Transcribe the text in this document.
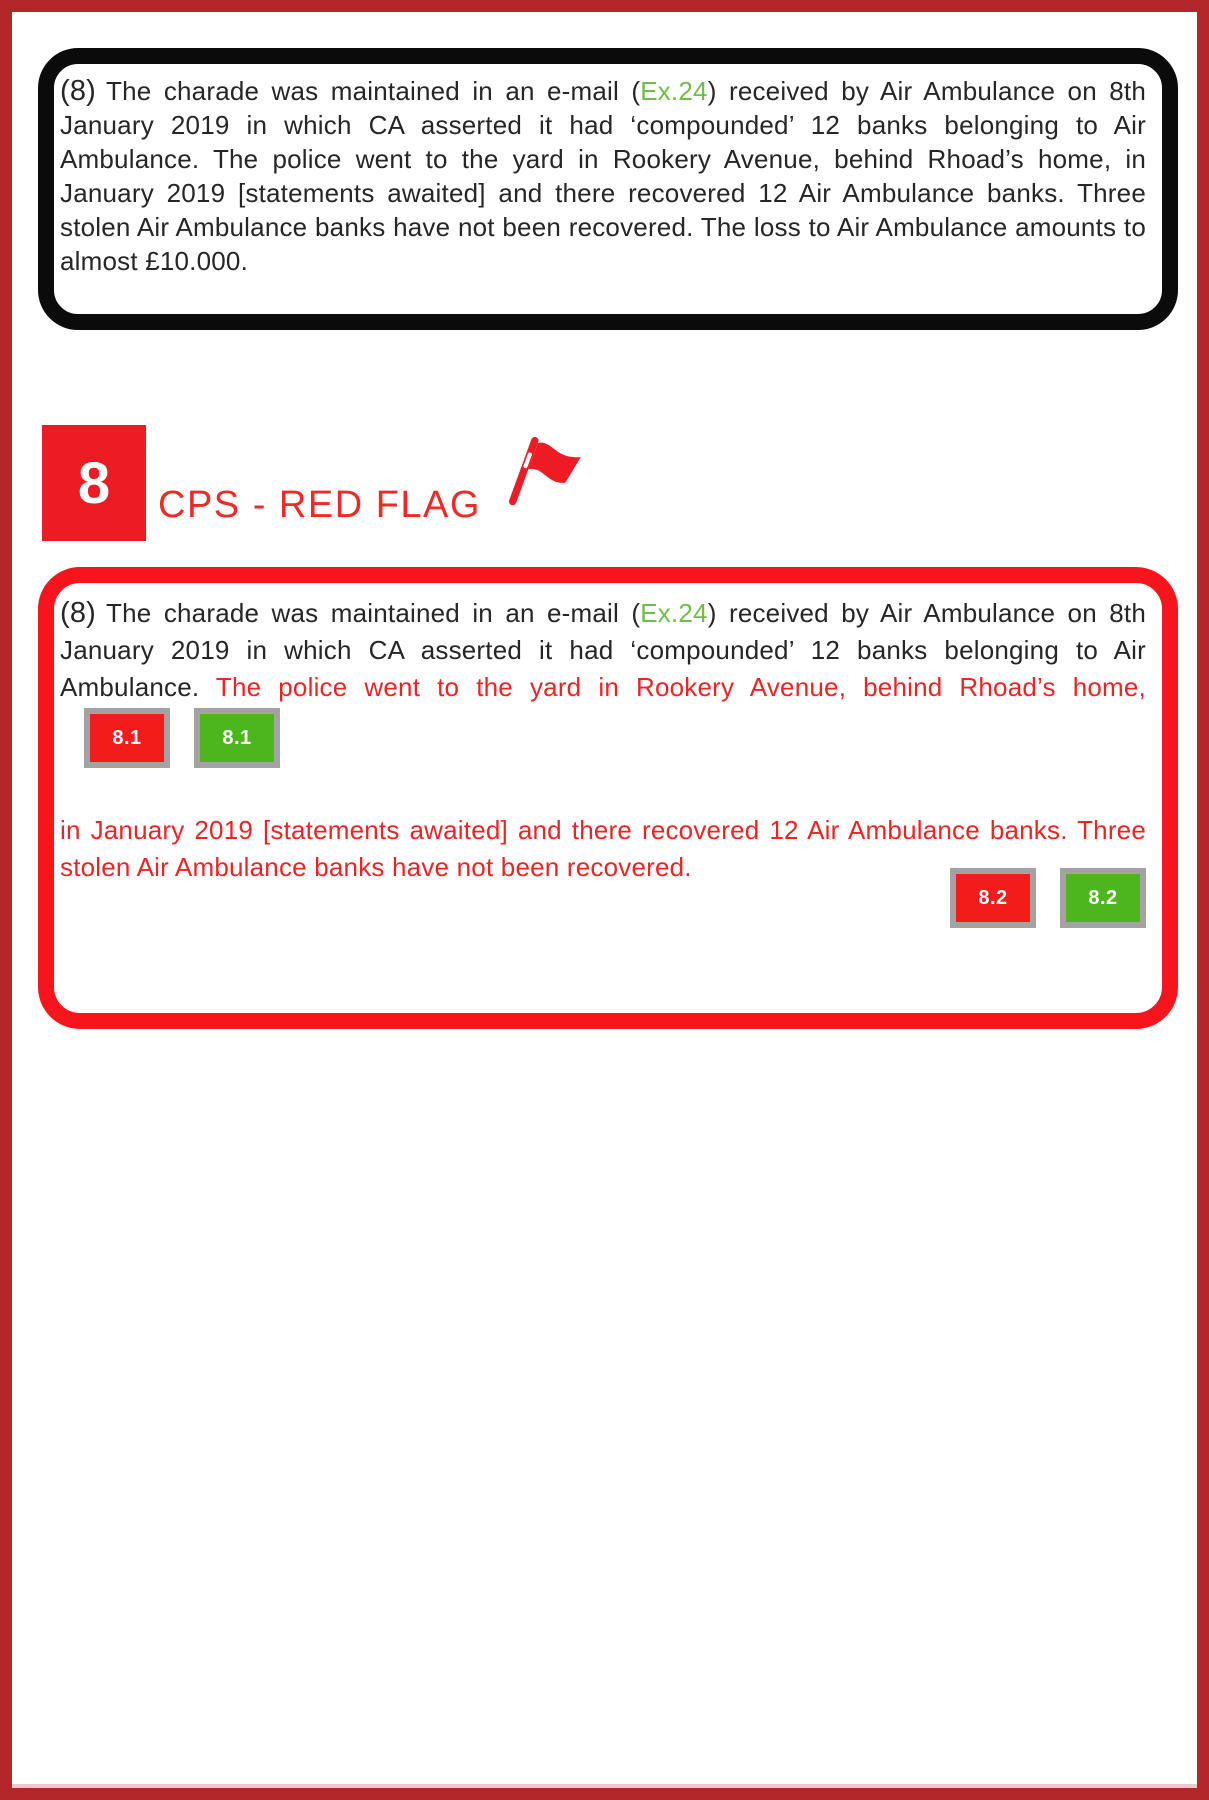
(8) The charade was maintained in an e-mail (Ex.24) received by Air Ambulance on 8th January 2019 in which CA asserted it had ‘compounded’ 12 banks belonging to Air Ambulance. The police went to the yard in Rookery Avenue, behind Rhoad’s home, in January 2019 [statements awaited] and there recovered 12 Air Ambulance banks. Three stolen Air Ambulance banks have not been recovered. The loss to Air Ambulance amounts to almost £10.000.

8 CPS - RED FLAG

(8) The charade was maintained in an e-mail (Ex.24) received by Air Ambulance on 8th January 2019 in which CA asserted it had ‘compounded’ 12 banks belonging to Air Ambulance. The police went to the yard in Rookery Avenue, behind Rhoad’s home,
8.1	8.1

in January 2019 [statements awaited] and there recovered 12 Air Ambulance banks. Three stolen Air Ambulance banks have not been recovered.

8.2	8.2
